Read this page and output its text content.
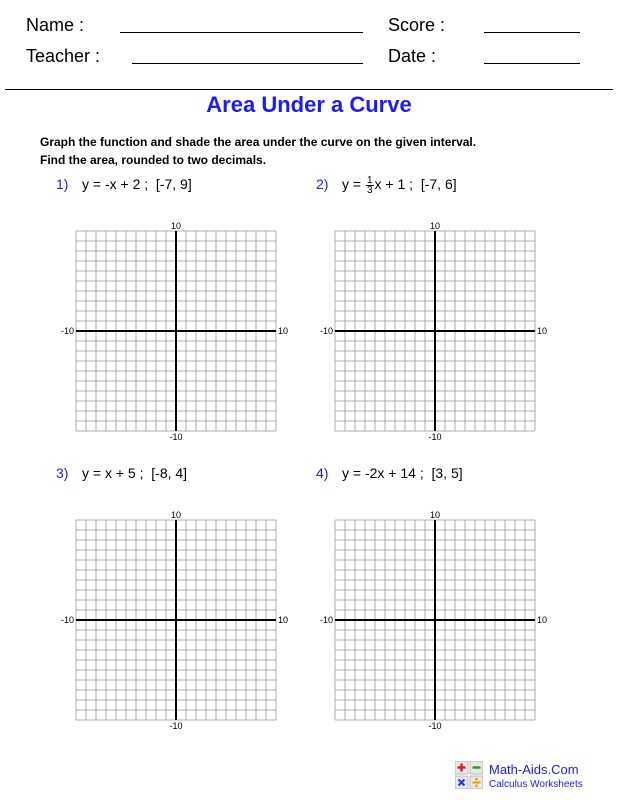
Name :	Score :
Teacher :	Date :
Area Under a Curve
Graph the function and shade the area under the curve on the given interval.
Find the area, rounded to two decimals.
1) y = -x + 2 ; [-7, 9]	2) $y = \frac{1}{3}$ x + 1 ; [-7, 6]
3) y = x + 5 ; [-8, 4]	4) y = -2x + 14 ; [3, 5]
10
-10
-10	10
10
-10
-10	10
10
-10
-10	10
10
-10
-10	10
Math-Aids.Com
Calculus Worksheets
